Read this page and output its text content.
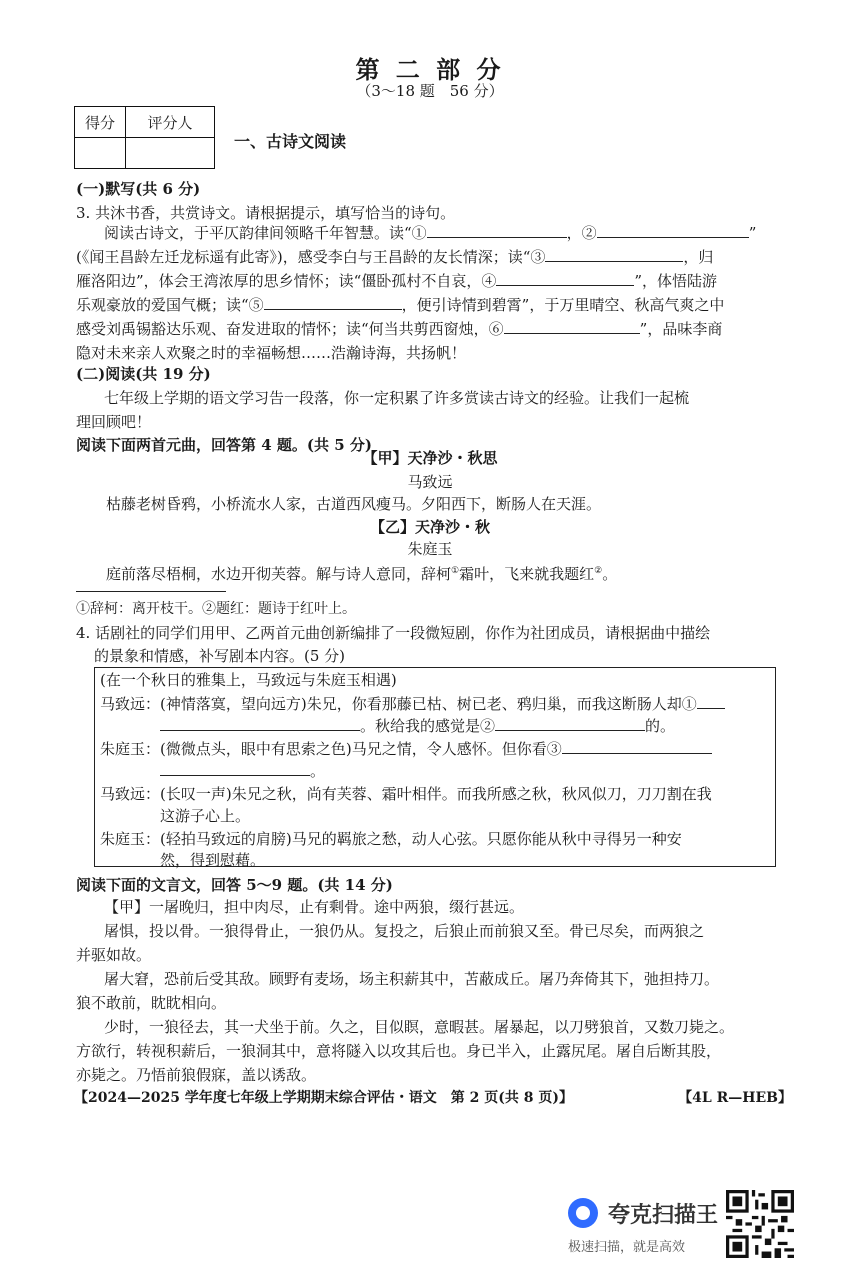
第 二 部 分
（3～18 题　56 分）
得分	评分人

一、古诗文阅读
(一)默写(共 6 分)
3. 共沐书香，共赏诗文。请根据提示，填写恰当的诗句。
阅读古诗文，于平仄韵律间领略千年智慧。读“①	，②	”
(《闻王昌龄左迁龙标遥有此寄》)，感受李白与王昌龄的友长情深；读“③	，归
雁洛阳边”，体会王湾浓厚的思乡情怀；读“僵卧孤村不自哀，④	”，体悟陆游
乐观豪放的爱国气概；读“⑤	，便引诗情到碧霄”，于万里晴空、秋高气爽之中
感受刘禹锡豁达乐观、奋发进取的情怀；读“何当共剪西窗烛，⑥	”，品味李商
隐对未来亲人欢聚之时的幸福畅想……浩瀚诗海，共扬帆！
(二)阅读(共 19 分)
七年级上学期的语文学习告一段落，你一定积累了许多赏读古诗文的经验。让我们一起梳
理回顾吧！
阅读下面两首元曲，回答第 4 题。(共 5 分)
【甲】天净沙・秋思
马致远
枯藤老树昏鸦，小桥流水人家，古道西风瘦马。夕阳西下，断肠人在天涯。
【乙】天净沙・秋
朱庭玉
庭前落尽梧桐，水边开彻芙蓉。解与诗人意同，辞柯①霜叶，飞来就我题红②。
①辞柯：离开枝干。②题红：题诗于红叶上。
4. 话剧社的同学们用甲、乙两首元曲创新编排了一段微短剧，你作为社团成员，请根据曲中描绘
的景象和情感，补写剧本内容。(5 分)
(在一个秋日的雅集上，马致远与朱庭玉相遇)
马致远：(神情落寞，望向远方)朱兄，你看那藤已枯、树已老、鸦归巢，而我这断肠人却①
。秋给我的感觉是②	的。
朱庭玉：(微微点头，眼中有思索之色)马兄之情，令人感怀。但你看③
。
马致远：(长叹一声)朱兄之秋，尚有芙蓉、霜叶相伴。而我所感之秋，秋风似刀，刀刀割在我
这游子心上。
朱庭玉：(轻拍马致远的肩膀)马兄的羁旅之愁，动人心弦。只愿你能从秋中寻得另一种安
然，得到慰藉。
阅读下面的文言文，回答 5～9 题。(共 14 分)
【甲】一屠晚归，担中肉尽，止有剩骨。途中两狼，缀行甚远。
屠惧，投以骨。一狼得骨止，一狼仍从。复投之，后狼止而前狼又至。骨已尽矣，而两狼之
并驱如故。
屠大窘，恐前后受其敌。顾野有麦场，场主积薪其中，苫蔽成丘。屠乃奔倚其下，弛担持刀。
狼不敢前，眈眈相向。
少时，一狼径去，其一犬坐于前。久之，目似瞑，意暇甚。屠暴起，以刀劈狼首，又数刀毙之。
方欲行，转视积薪后，一狼洞其中，意将隧入以攻其后也。身已半入，止露尻尾。屠自后断其股，
亦毙之。乃悟前狼假寐，盖以诱敌。
【2024—2025 学年度七年级上学期期末综合评估・语文　第 2 页(共 8 页)】	【4L R—HEB】
夸克扫描王
极速扫描，就是高效
